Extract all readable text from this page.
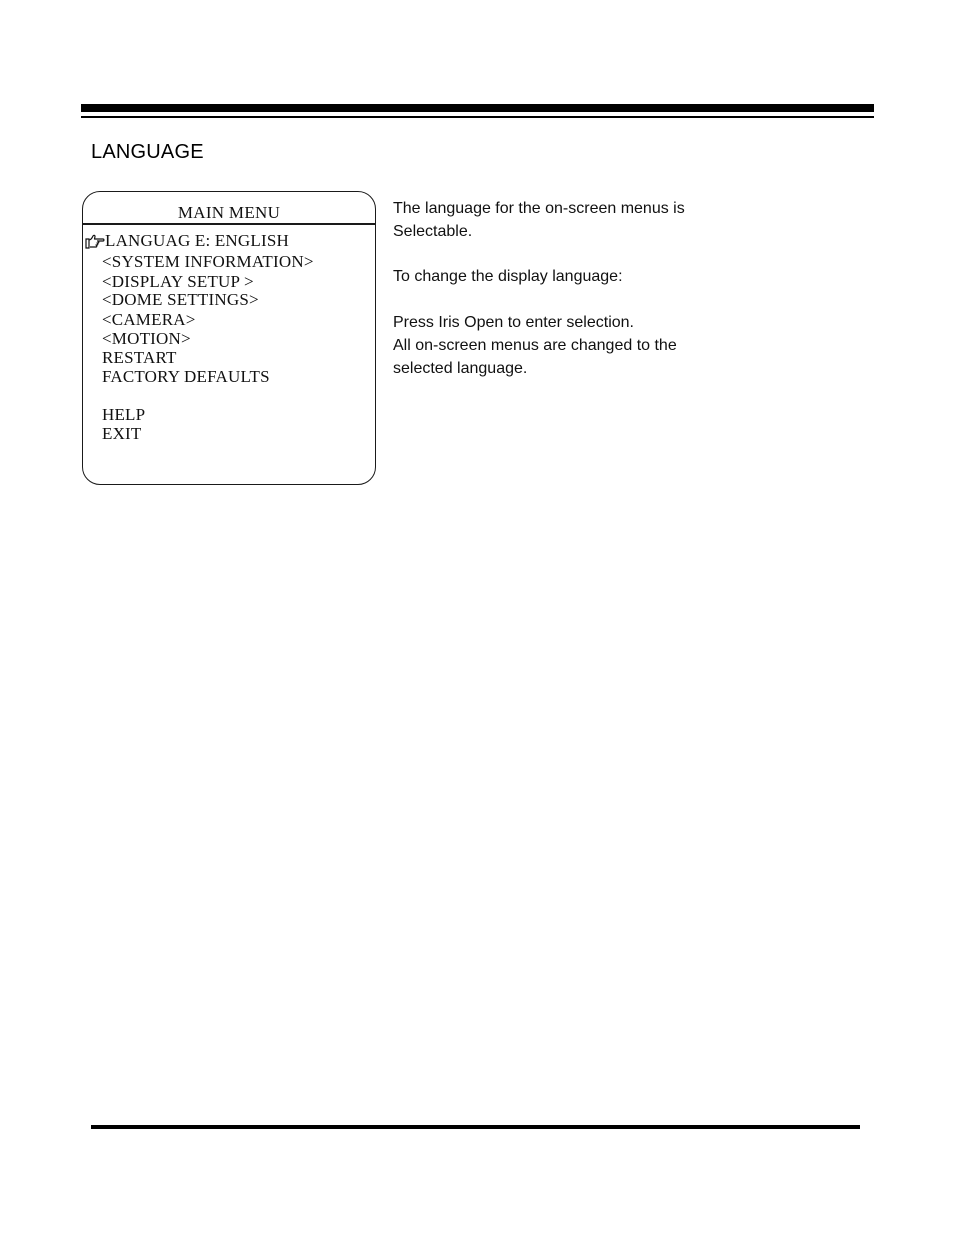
LANGUAGE
MAIN MENU
LANGUAG E: ENGLISH
<SYSTEM INFORMATION>
<DISPLAY SETUP >
<DOME SETTINGS>
<CAMERA>
<MOTION>
RESTART
FACTORY DEFAULTS
HELP
EXIT
The language for the on-screen menus is
Selectable.
To change the display language:
Press Iris Open to enter selection.
All on-screen menus are changed to the
selected language.
